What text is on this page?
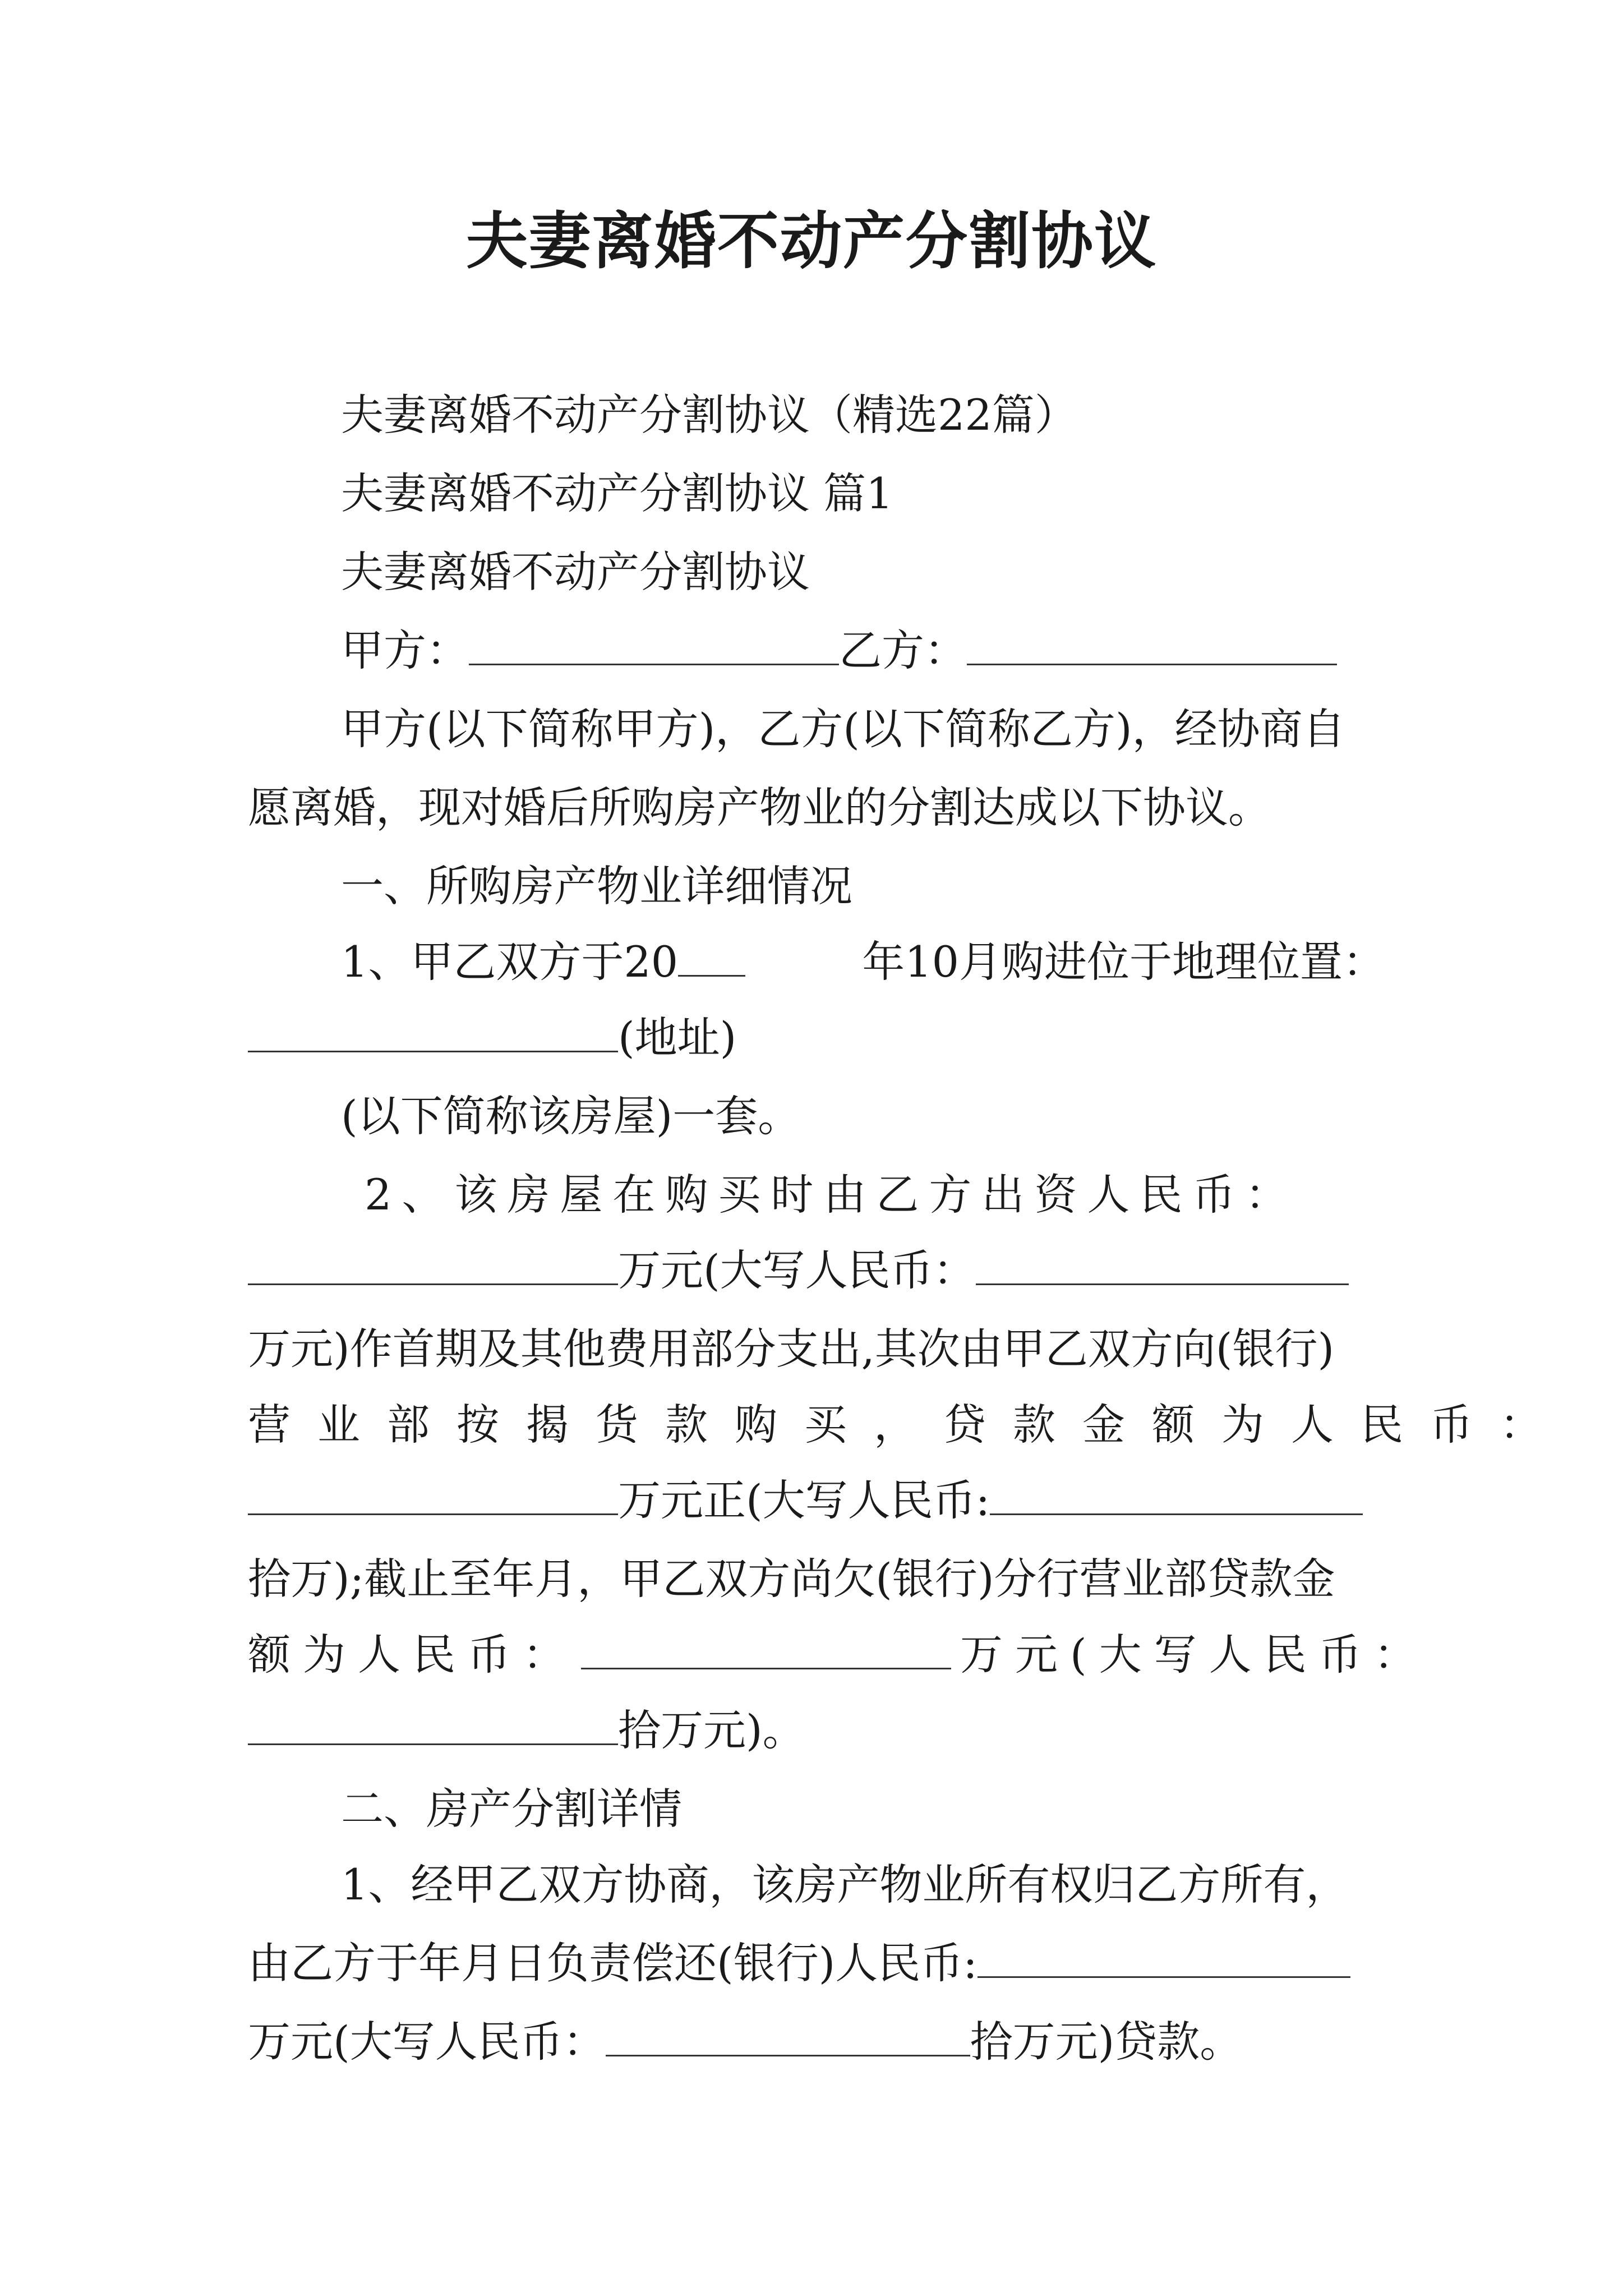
夫妻离婚不动产分割协议

夫妻离婚不动产分割协议（精选22篇）

夫妻离婚不动产分割协议 篇1

夫妻离婚不动产分割协议

甲方：	乙方：

甲方(以下简称甲方)，乙方(以下简称乙方)，经协商自

愿离婚，现对婚后所购房产物业的分割达成以下协议。

一、所购房产物业详细情况

1、甲乙双方于20	年10月购进位于地理位置：

(地址)

(以下简称该房屋)一套。

2、该房屋在购买时由乙方出资人民币：

万元(大写人民币：

万元)作首期及其他费用部分支出,其次由甲乙双方向(银行)

营业部按揭货款购买，贷款金额为人民币：

万元正(大写人民币:

拾万);截止至年月，甲乙双方尚欠(银行)分行营业部贷款金

额为人民币：	万元(大写人民币：

拾万元)。

二、房产分割详情

1、经甲乙双方协商，该房产物业所有权归乙方所有，

由乙方于年月日负责偿还(银行)人民币:

万元(大写人民币：	拾万元)贷款。
